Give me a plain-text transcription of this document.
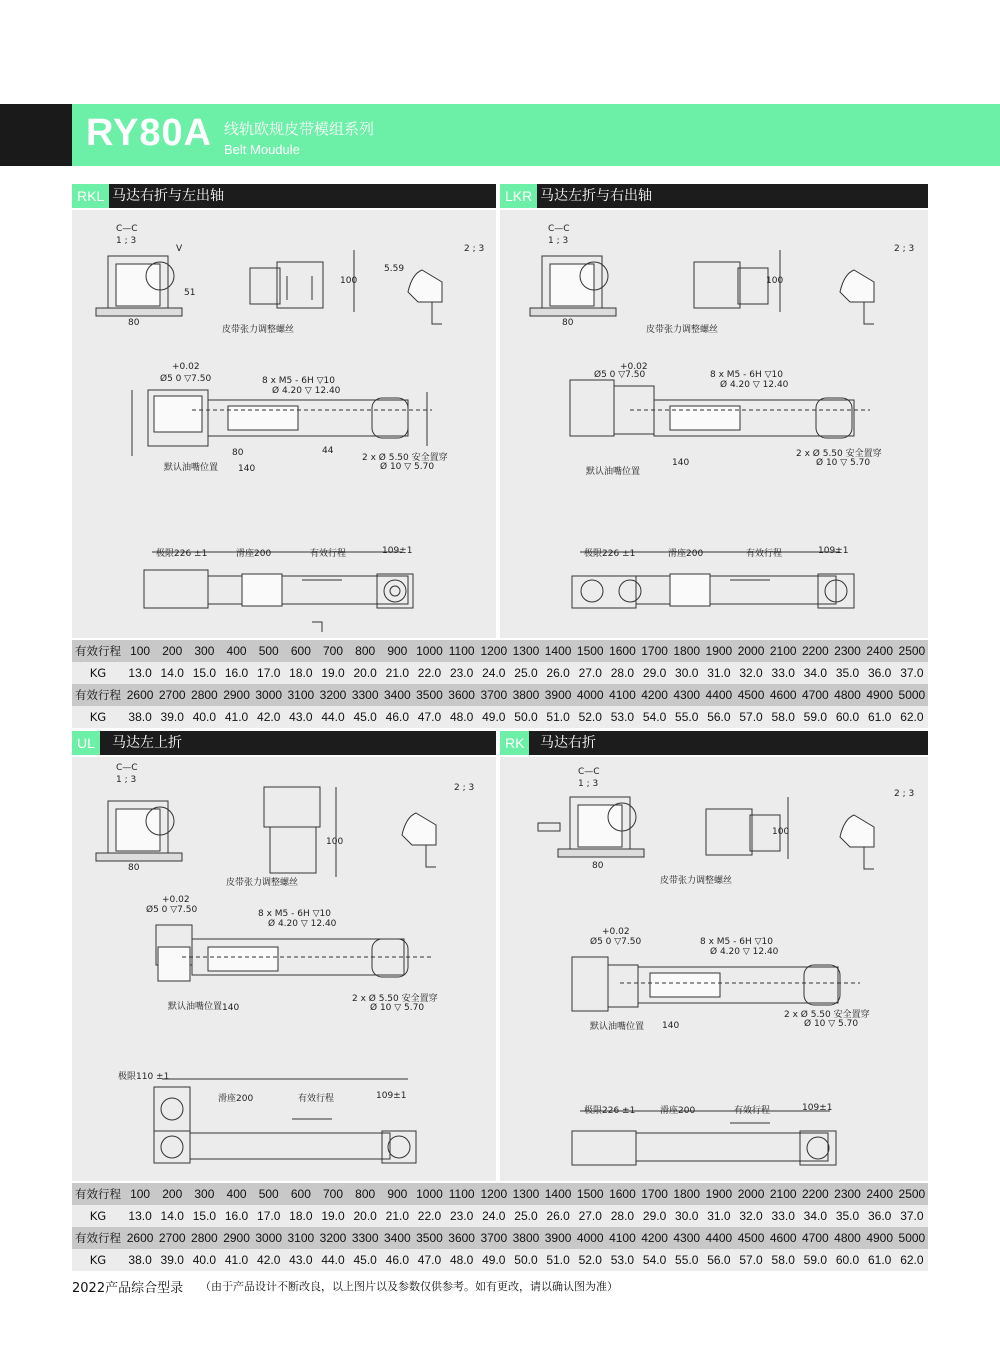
RY80A 线轨欧规皮带模组系列
Belt Moudule
RKL 马达右折与左出轴	LKR 马达左折与右出轴
UL	马达左上折	RK	马达右折
C—C
1 ; 3
V
80
51
100
2 ; 3
5.59
皮带张力调整螺丝
+0.02
Ø5 0 ▽7.50	8 x M5 - 6H ▽10
Ø 4.20 ▽ 12.40
80
140
44
2 x Ø 5.50 安全置穿
Ø 10 ▽ 5.70
默认油嘴位置
极限226 ±1	滑座200	有效行程	109±1
C—C
1 ; 3
80
100
2 ; 3
皮带张力调整螺丝
+0.02
Ø5 0 ▽7.50	8 x M5 - 6H ▽10
Ø 4.20 ▽ 12.40
2 x Ø 5.50 安全置穿
Ø 10 ▽ 5.70
默认油嘴位置
140
极限226 ±1	滑座200	有效行程	109±1
有效行程	100	200	300	400	500	600	700	800	900	1000	1100	1200	1300	1400	1500	1600	1700	1800	1900	2000	2100	2200	2300	2400	2500
KG	13.0	14.0	15.0	16.0	17.0	18.0	19.0	20.0	21.0	22.0	23.0	24.0	25.0	26.0	27.0	28.0	29.0	30.0	31.0	32.0	33.0	34.0	35.0	36.0	37.0
有效行程	2600	2700	2800	2900	3000	3100	3200	3300	3400	3500	3600	3700	3800	3900	4000	4100	4200	4300	4400	4500	4600	4700	4800	4900	5000
KG	38.0	39.0	40.0	41.0	42.0	43.0	44.0	45.0	46.0	47.0	48.0	49.0	50.0	51.0	52.0	53.0	54.0	55.0	56.0	57.0	58.0	59.0	60.0	61.0	62.0
C—C
1 ; 3
80
100
2 ; 3
皮带张力调整螺丝
+0.02
Ø5 0 ▽7.50	8 x M5 - 6H ▽10
Ø 4.20 ▽ 12.40
2 x Ø 5.50 安全置穿
Ø 10 ▽ 5.70
默认油嘴位置 140
极限110 ±1
滑座200	有效行程	109±1
C—C
1 ; 3
80
100
2 ; 3
皮带张力调整螺丝
+0.02
Ø5 0 ▽7.50	8 x M5 - 6H ▽10
Ø 4.20 ▽ 12.40
2 x Ø 5.50 安全置穿
Ø 10 ▽ 5.70
默认油嘴位置 140
极限226 ±1	滑座200	有效行程	109±1
有效行程	100	200	300	400	500	600	700	800	900	1000	1100	1200	1300	1400	1500	1600	1700	1800	1900	2000	2100	2200	2300	2400	2500
KG	13.0	14.0	15.0	16.0	17.0	18.0	19.0	20.0	21.0	22.0	23.0	24.0	25.0	26.0	27.0	28.0	29.0	30.0	31.0	32.0	33.0	34.0	35.0	36.0	37.0
有效行程	2600	2700	2800	2900	3000	3100	3200	3300	3400	3500	3600	3700	3800	3900	4000	4100	4200	4300	4400	4500	4600	4700	4800	4900	5000
KG	38.0	39.0	40.0	41.0	42.0	43.0	44.0	45.0	46.0	47.0	48.0	49.0	50.0	51.0	52.0	53.0	54.0	55.0	56.0	57.0	58.0	59.0	60.0	61.0	62.0
2022产品综合型录 （由于产品设计不断改良，以上图片以及参数仅供参考。如有更改，请以确认图为准）
